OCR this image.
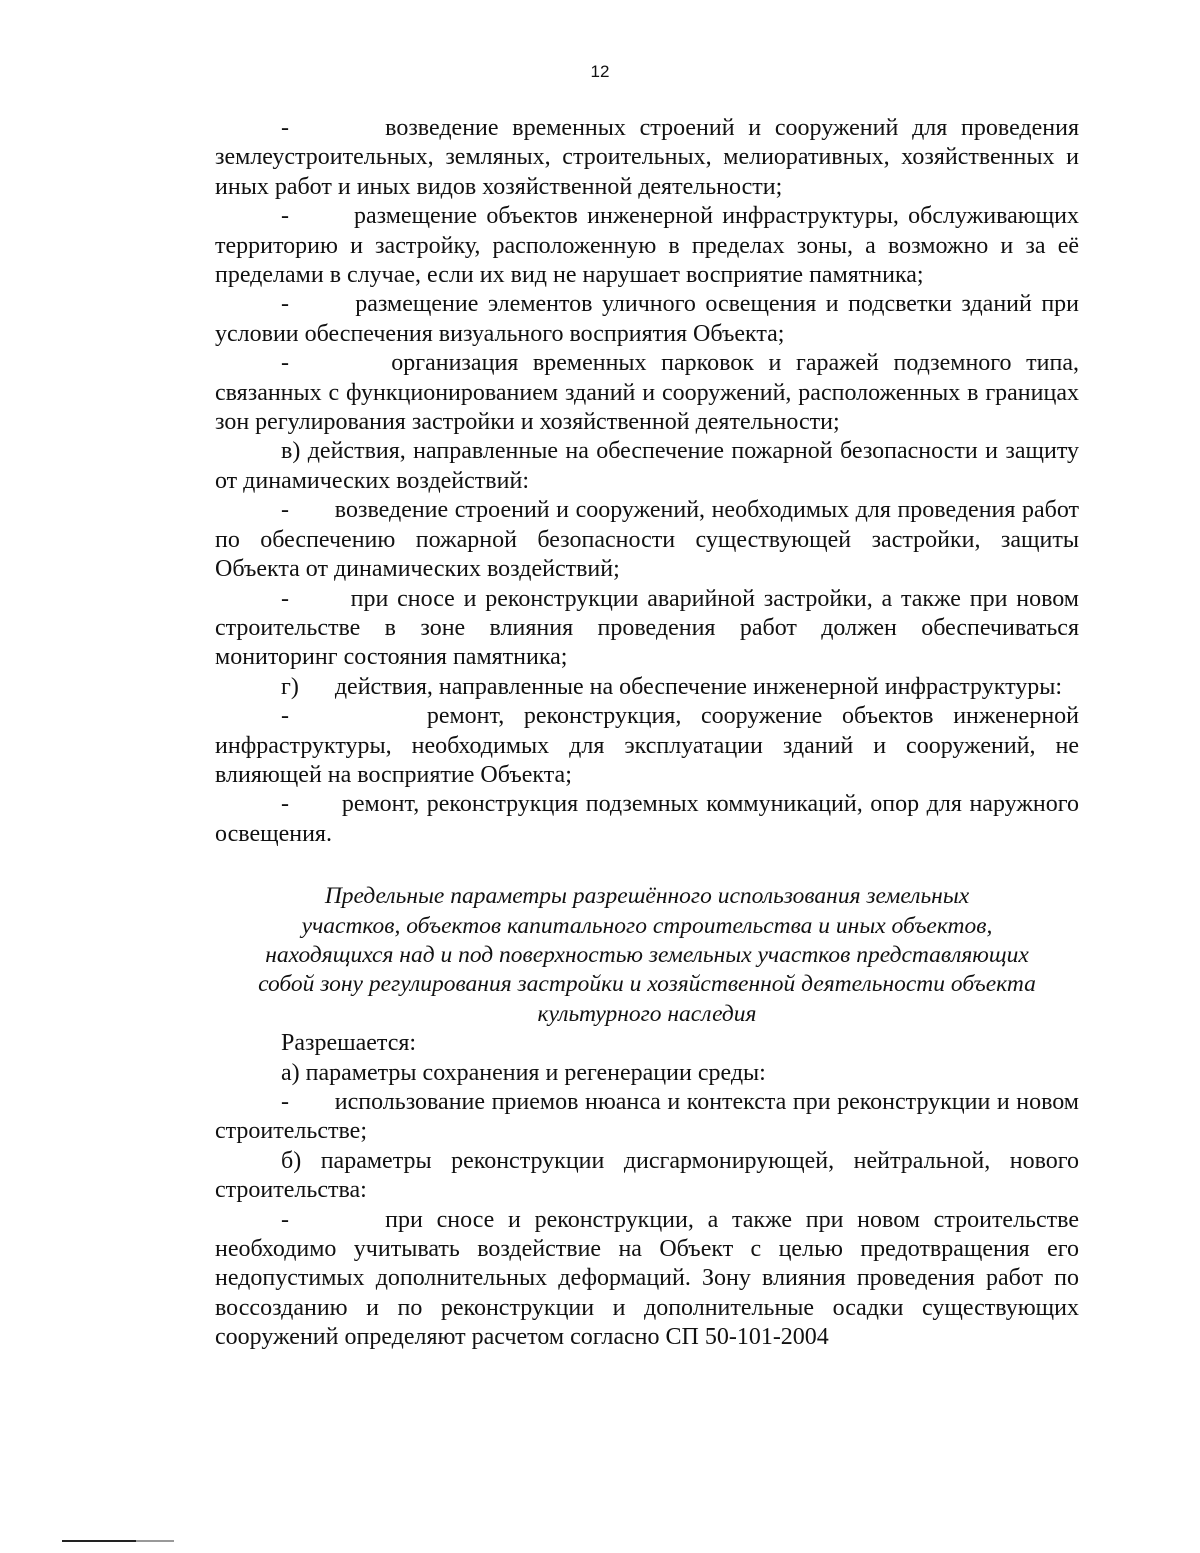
12

-       возведение временных строений и сооружений для проведения землеустроительных, земляных, строительных, мелиоративных, хозяйственных и иных работ и иных видов хозяйственной деятельности;

-       размещение объектов инженерной инфраструктуры, обслуживающих территорию и застройку, расположенную в пределах зоны, а возможно и за её пределами в случае, если их вид не нарушает восприятие памятника;

-       размещение элементов уличного освещения и подсветки зданий при условии обеспечения визуального восприятия Объекта;

-       организация временных парковок и гаражей подземного типа, связанных с функционированием зданий и сооружений, расположенных в границах зон регулирования застройки и хозяйственной деятельности;

в) действия, направленные на обеспечение пожарной безопасности и защиту от динамических воздействий:

-       возведение строений и сооружений, необходимых для проведения работ по обеспечению пожарной безопасности существующей застройки, защиты Объекта от динамических воздействий;

-       при сносе и реконструкции аварийной застройки, а также при новом строительстве в зоне влияния проведения работ должен обеспечиваться мониторинг состояния памятника;

г)      действия, направленные на обеспечение инженерной инфраструктуры:

-       ремонт, реконструкция, сооружение объектов инженерной инфраструктуры, необходимых для эксплуатации зданий и сооружений, не влияющей на восприятие Объекта;

-       ремонт, реконструкция подземных коммуникаций, опор для наружного освещения.

Предельные параметры разрешённого использования земельных
участков, объектов капитального строительства и иных объектов,
находящихся над и под поверхностью земельных участков представляющих
собой зону регулирования застройки и хозяйственной деятельности объекта
культурного наследия

Разрешается:

а) параметры сохранения и регенерации среды:

-       использование приемов нюанса и контекста при реконструкции и новом строительстве;

б) параметры реконструкции дисгармонирующей, нейтральной, нового строительства:

-       при сносе и реконструкции, а также при новом строительстве необходимо учитывать воздействие на Объект с целью предотвращения его недопустимых дополнительных деформаций. Зону влияния проведения работ по воссозданию и по реконструкции и дополнительные осадки существующих сооружений определяют расчетом согласно СП 50-101-2004
